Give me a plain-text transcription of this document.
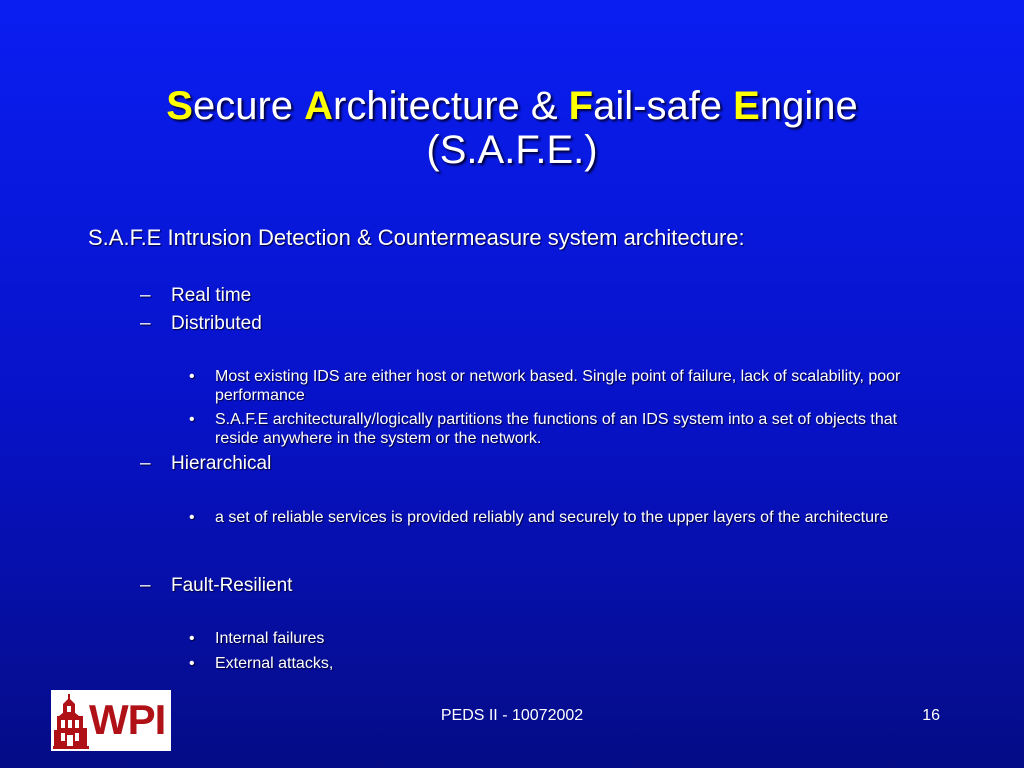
Secure Architecture & Fail-safe Engine
(S.A.F.E.)
S.A.F.E Intrusion Detection & Countermeasure system architecture:
– Real time
– Distributed
• Most existing IDS are either host or network based. Single point of failure, lack of scalability, poor performance
• S.A.F.E architecturally/logically partitions the functions of an IDS system into a set of objects that reside anywhere in the system or the network.
– Hierarchical
• a set of reliable services is provided reliably and securely to the upper layers of the architecture
– Fault-Resilient
• Internal failures
• External attacks,
WPI	PEDS II - 10072002	16
